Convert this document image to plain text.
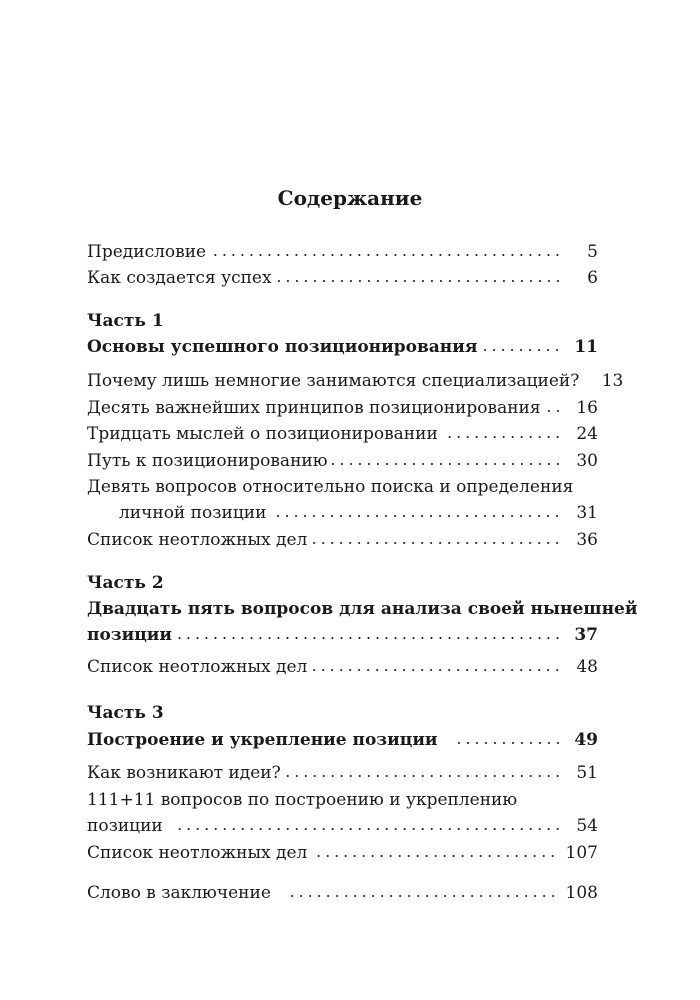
Содержание
Предисловие	5
Как создается успех	6
Часть 1
Основы успешного позиционирования	11
Почему лишь немногие занимаются специализацией?	13
Десять важнейших принципов позиционирования	16
Тридцать мыслей о позиционировании	24
Путь к позиционированию	30
Девять вопросов относительно поиска и определения
личной позиции	31
Список неотложных дел	36
Часть 2
Двадцать пять вопросов для анализа своей нынешней
позиции	37
Список неотложных дел	48
Часть 3
Построение и укрепление позиции	49
Как возникают идеи?	51
111+11 вопросов по построению и укреплению
позиции	54
Список неотложных дел	107
Слово в заключение	108
